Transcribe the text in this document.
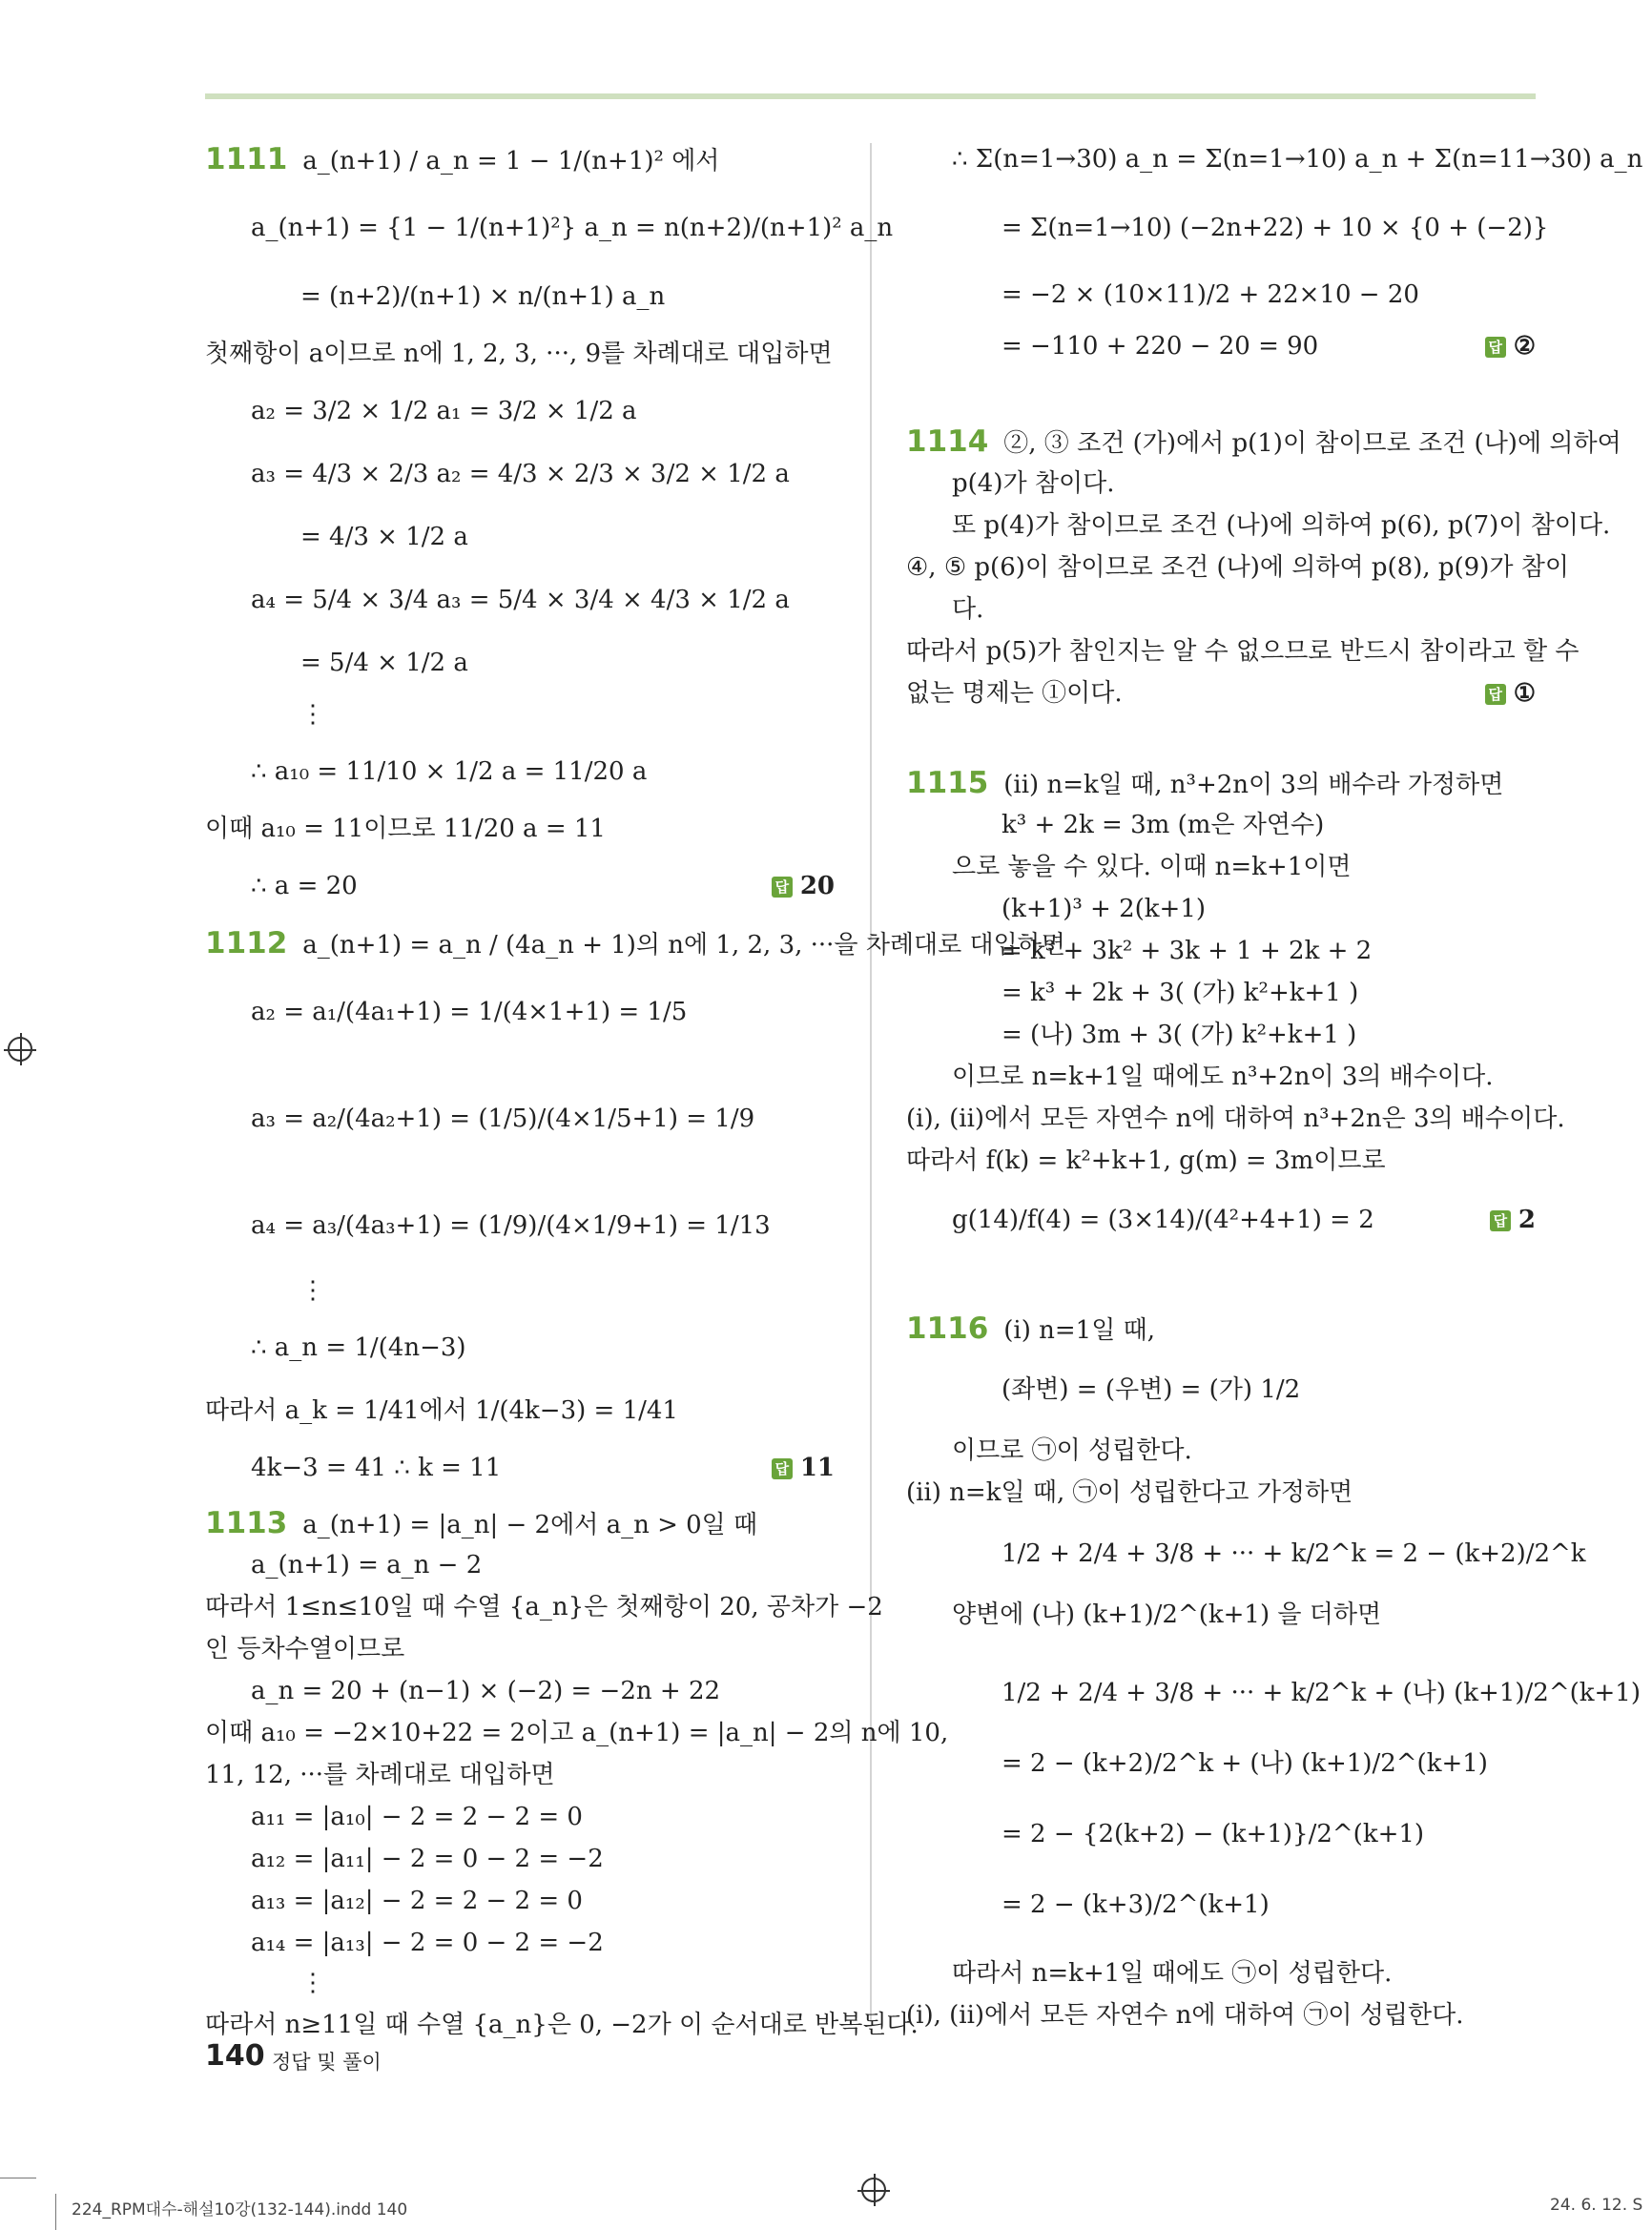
1111 a_(n+1) / a_n = 1 − 1/(n+1)² 에서
a_(n+1) = {1 − 1/(n+1)²} a_n = n(n+2)/(n+1)² a_n
= (n+2)/(n+1) × n/(n+1) a_n
첫째항이 a이므로 n에 1, 2, 3, ···, 9를 차례대로 대입하면
a₂ = 3/2 × 1/2 a₁ = 3/2 × 1/2 a
a₃ = 4/3 × 2/3 a₂ = 4/3 × 2/3 × 3/2 × 1/2 a
= 4/3 × 1/2 a
a₄ = 5/4 × 3/4 a₃ = 5/4 × 3/4 × 4/3 × 1/2 a
= 5/4 × 1/2 a
⋮
∴ a₁₀ = 11/10 × 1/2 a = 11/20 a
이때 a₁₀ = 11이므로 11/20 a = 11
∴ a = 20
1112 a_(n+1) = a_n / (4a_n + 1)의 n에 1, 2, 3, ···을 차례대로 대입하면
a₂ = a₁/(4a₁+1) = 1/(4×1+1) = 1/5
a₃ = a₂/(4a₂+1) = (1/5)/(4×1/5+1) = 1/9
a₄ = a₃/(4a₃+1) = (1/9)/(4×1/9+1) = 1/13
⋮
∴ a_n = 1/(4n−3)
따라서 a_k = 1/41에서 1/(4k−3) = 1/41
4k−3 = 41 ∴ k = 11
1113 a_(n+1) = |a_n| − 2에서 a_n > 0일 때
a_(n+1) = a_n − 2
따라서 1≤n≤10일 때 수열 {a_n}은 첫째항이 20, 공차가 −2
인 등차수열이므로
a_n = 20 + (n−1) × (−2) = −2n + 22
이때 a₁₀ = −2×10+22 = 2이고 a_(n+1) = |a_n| − 2의 n에 10,
11, 12, ···를 차례대로 대입하면
a₁₁ = |a₁₀| − 2 = 2 − 2 = 0
a₁₂ = |a₁₁| − 2 = 0 − 2 = −2
a₁₃ = |a₁₂| − 2 = 2 − 2 = 0
a₁₄ = |a₁₃| − 2 = 0 − 2 = −2
⋮
따라서 n≥11일 때 수열 {a_n}은 0, −2가 이 순서대로 반복된다.
답 20
답 11
∴ Σ(n=1→30) a_n = Σ(n=1→10) a_n + Σ(n=11→30) a_n
= Σ(n=1→10) (−2n+22) + 10 × {0 + (−2)}
= −2 × (10×11)/2 + 22×10 − 20
= −110 + 220 − 20 = 90
1114 ②, ③ 조건 (가)에서 p(1)이 참이므로 조건 (나)에 의하여
p(4)가 참이다.
또 p(4)가 참이므로 조건 (나)에 의하여 p(6), p(7)이 참이다.
④, ⑤ p(6)이 참이므로 조건 (나)에 의하여 p(8), p(9)가 참이
다.
따라서 p(5)가 참인지는 알 수 없으므로 반드시 참이라고 할 수
없는 명제는 ①이다.
1115 (ii) n=k일 때, n³+2n이 3의 배수라 가정하면
k³ + 2k = 3m (m은 자연수)
으로 놓을 수 있다. 이때 n=k+1이면
(k+1)³ + 2(k+1)
= k³ + 3k² + 3k + 1 + 2k + 2
= k³ + 2k + 3( (가) k²+k+1 )
= (나) 3m + 3( (가) k²+k+1 )
이므로 n=k+1일 때에도 n³+2n이 3의 배수이다.
(i), (ii)에서 모든 자연수 n에 대하여 n³+2n은 3의 배수이다.
따라서 f(k) = k²+k+1, g(m) = 3m이므로
g(14)/f(4) = (3×14)/(4²+4+1) = 2
1116 (i) n=1일 때,
(좌변) = (우변) = (가) 1/2
이므로 ㉠이 성립한다.
(ii) n=k일 때, ㉠이 성립한다고 가정하면
1/2 + 2/4 + 3/8 + ··· + k/2^k = 2 − (k+2)/2^k
양변에 (나) (k+1)/2^(k+1) 을 더하면
1/2 + 2/4 + 3/8 + ··· + k/2^k + (나) (k+1)/2^(k+1)
= 2 − (k+2)/2^k + (나) (k+1)/2^(k+1)
= 2 − {2(k+2) − (k+1)}/2^(k+1)
= 2 − (k+3)/2^(k+1)
따라서 n=k+1일 때에도 ㉠이 성립한다.
(i), (ii)에서 모든 자연수 n에 대하여 ㉠이 성립한다.
답 ②
답 ①
답 2
140 정답 및 풀이
224_RPM대수-해설10강(132-144).indd 140	24. 6. 12. S
